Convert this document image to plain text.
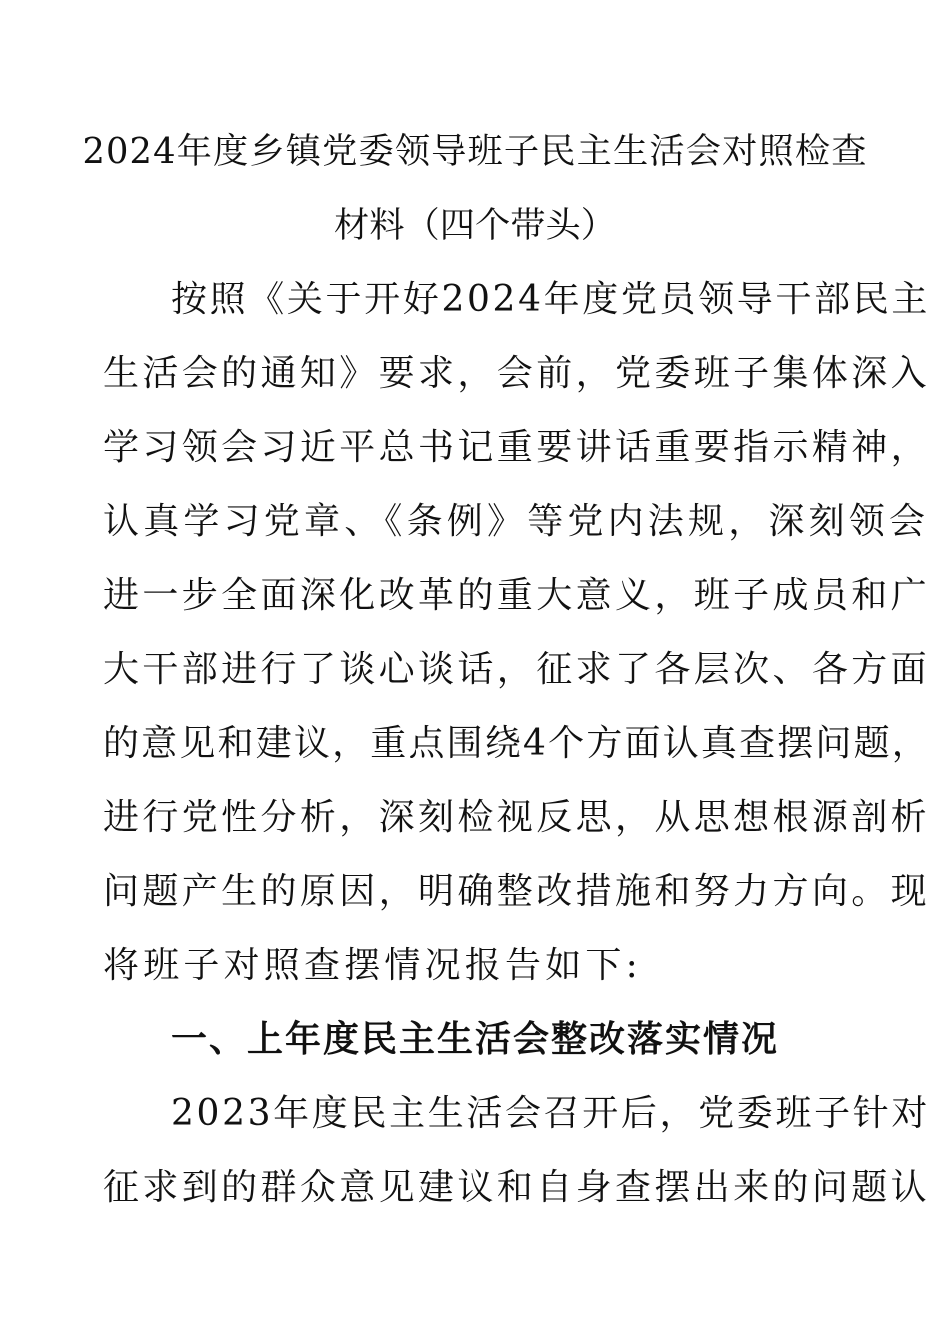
2024年度乡镇党委领导班子民主生活会对照检查
材料（四个带头）
按照《关于开好2024年度党员领导干部民主
生活会的通知》要求，会前，党委班子集体深入
学习领会习近平总书记重要讲话重要指示精神，
认真学习党章、《条例》等党内法规，深刻领会
进一步全面深化改革的重大意义，班子成员和广
大干部进行了谈心谈话，征求了各层次、各方面
的意见和建议，重点围绕4个方面认真查摆问题，
进行党性分析，深刻检视反思，从思想根源剖析
问题产生的原因，明确整改措施和努力方向。现
将班子对照查摆情况报告如下:
一、上年度民主生活会整改落实情况
2023年度民主生活会召开后，党委班子针对
征求到的群众意见建议和自身查摆出来的问题认
